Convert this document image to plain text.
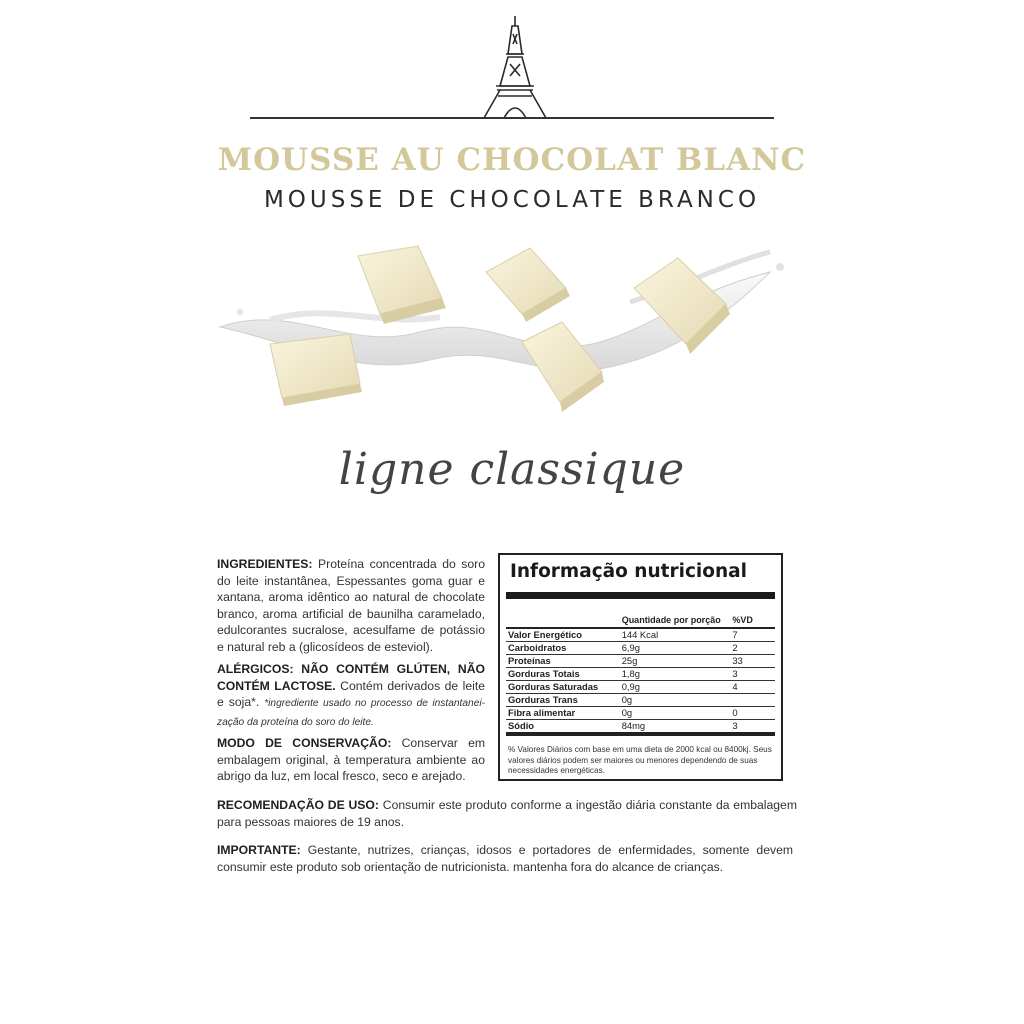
MOUSSE AU CHOCOLAT BLANC
MOUSSE DE CHOCOLATE BRANCO
ligne classique
INGREDIENTES: Proteína concentrada do soro do leite instantânea, Espessantes goma guar e xantana, aroma idêntico ao natural de chocolate branco, aroma artificial de baunilha caramelado, edulcorantes sucralose, acesulfame de potássio e natural reb a (glicosídeos de esteviol).
ALÉRGICOS: NÃO CONTÉM GLÚTEN, NÃO CONTÉM LACTOSE. Contém derivados de leite e soja*. *ingrediente usado no processo de instantanei-zação da proteína do soro do leite.
MODO DE CONSERVAÇÃO: Conservar em embalagem original, à temperatura ambiente ao abrigo da luz, em local fresco, seco e arejado.
RECOMENDAÇÃO DE USO: Consumir este produto conforme a ingestão diária constante da embalagem para pessoas maiores de 19 anos.
IMPORTANTE: Gestante, nutrizes, crianças, idosos e portadores de enfermidades, somente devem consumir este produto sob orientação de nutricionista. mantenha fora do alcance de crianças.
Informação nutricional
	Quantidade por porção	%VD
Valor Energético	144 Kcal	7
Carboidratos	6,9g	2
Proteínas	25g	33
Gorduras Totais	1,8g	3
Gorduras Saturadas	0,9g	4
Gorduras Trans	0g	
Fibra alimentar	0g	0
Sódio	84mg	3
% Valores Diários com base em uma dieta de 2000 kcal ou 8400kj. Seus valores diários podem ser maiores ou menores dependendo de suas necessidades energéticas.
